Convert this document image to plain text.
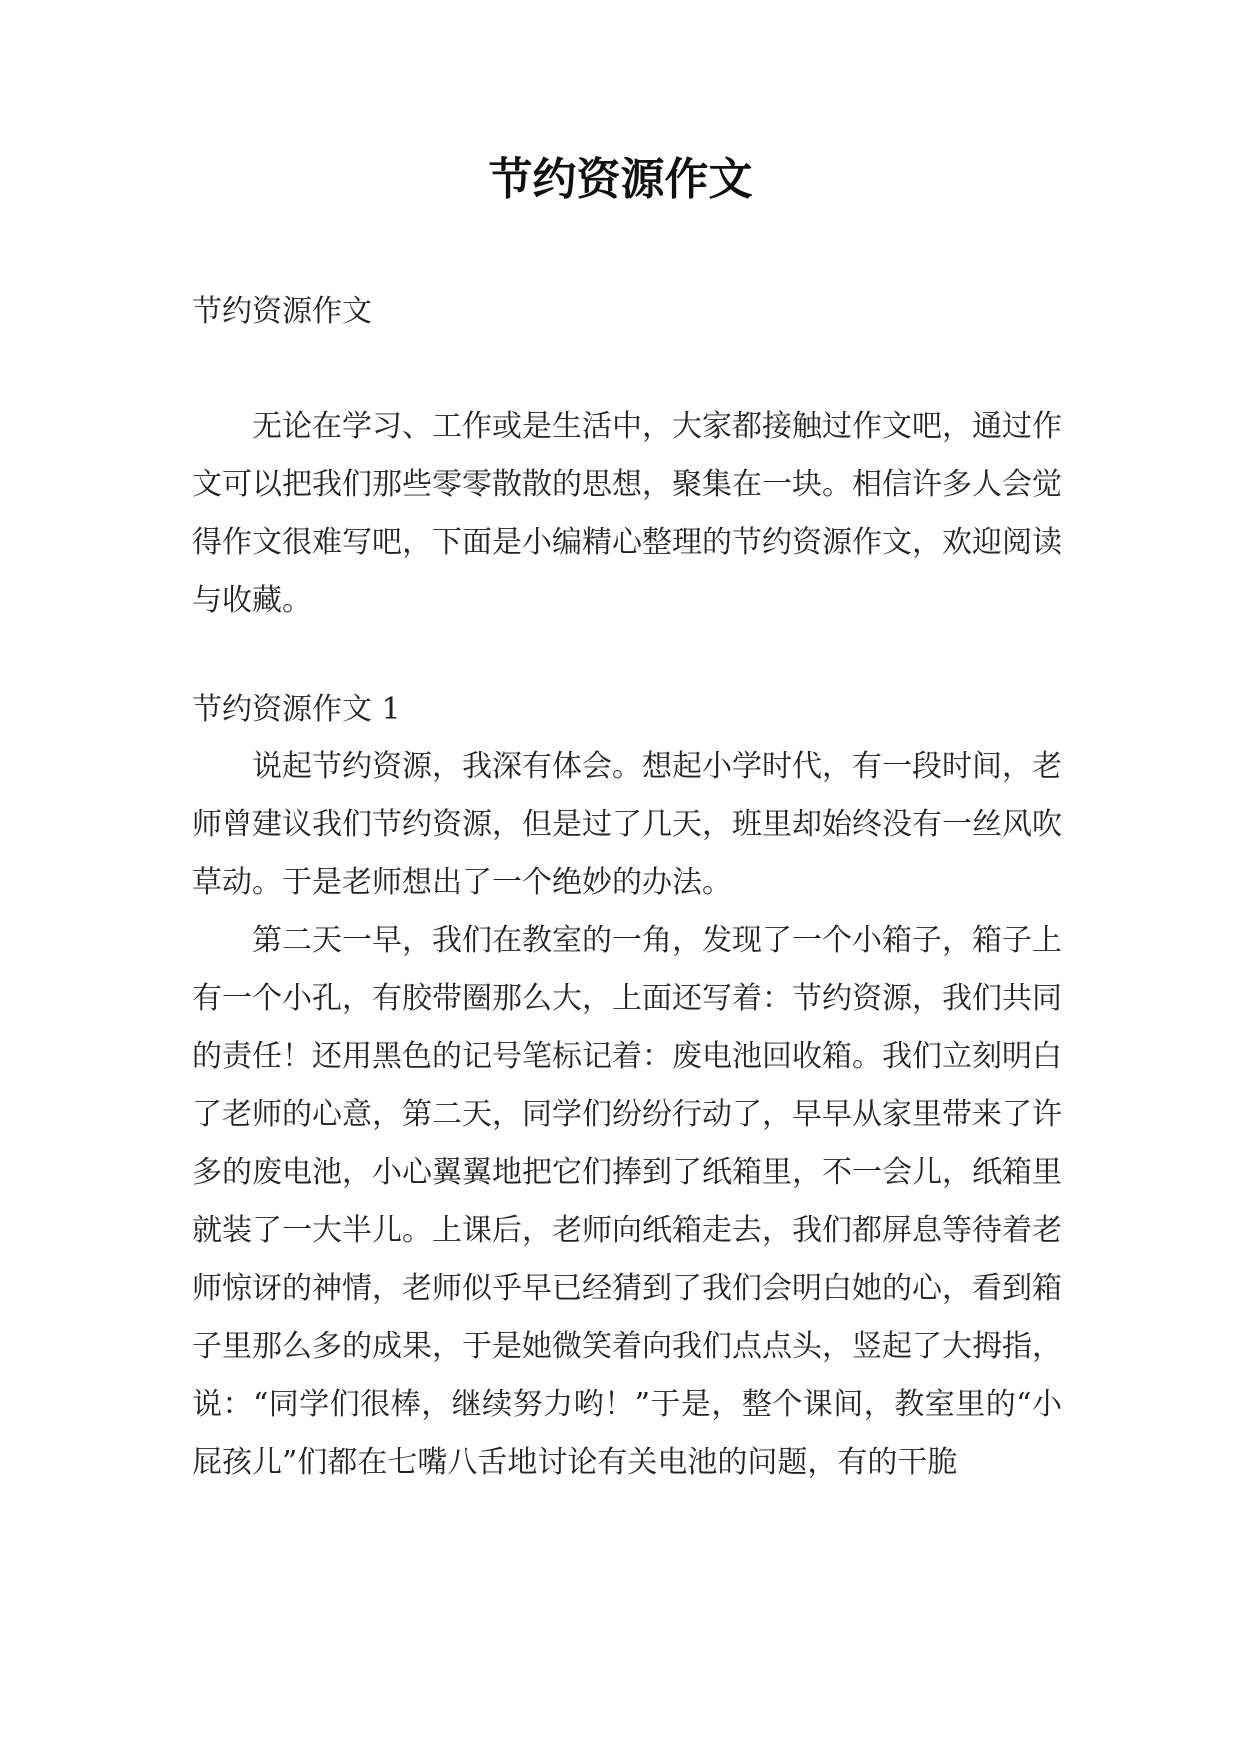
节约资源作文

节约资源作文

无论在学习、工作或是生活中，大家都接触过作文吧，通过作文可以把我们那些零零散散的思想，聚集在一块。相信许多人会觉得作文很难写吧，下面是小编精心整理的节约资源作文，欢迎阅读与收藏。

节约资源作文 1

说起节约资源，我深有体会。想起小学时代，有一段时间，老师曾建议我们节约资源，但是过了几天，班里却始终没有一丝风吹草动。于是老师想出了一个绝妙的办法。

第二天一早，我们在教室的一角，发现了一个小箱子，箱子上有一个小孔，有胶带圈那么大，上面还写着：节约资源，我们共同的责任！还用黑色的记号笔标记着：废电池回收箱。我们立刻明白了老师的心意，第二天，同学们纷纷行动了，早早从家里带来了许多的废电池，小心翼翼地把它们捧到了纸箱里，不一会儿，纸箱里就装了一大半儿。上课后，老师向纸箱走去，我们都屏息等待着老师惊讶的神情，老师似乎早已经猜到了我们会明白她的心，看到箱子里那么多的成果，于是她微笑着向我们点点头，竖起了大拇指，说：“同学们很棒，继续努力哟！”于是，整个课间，教室里的“小屁孩儿”们都在七嘴八舌地讨论有关电池的问题，有的干脆
